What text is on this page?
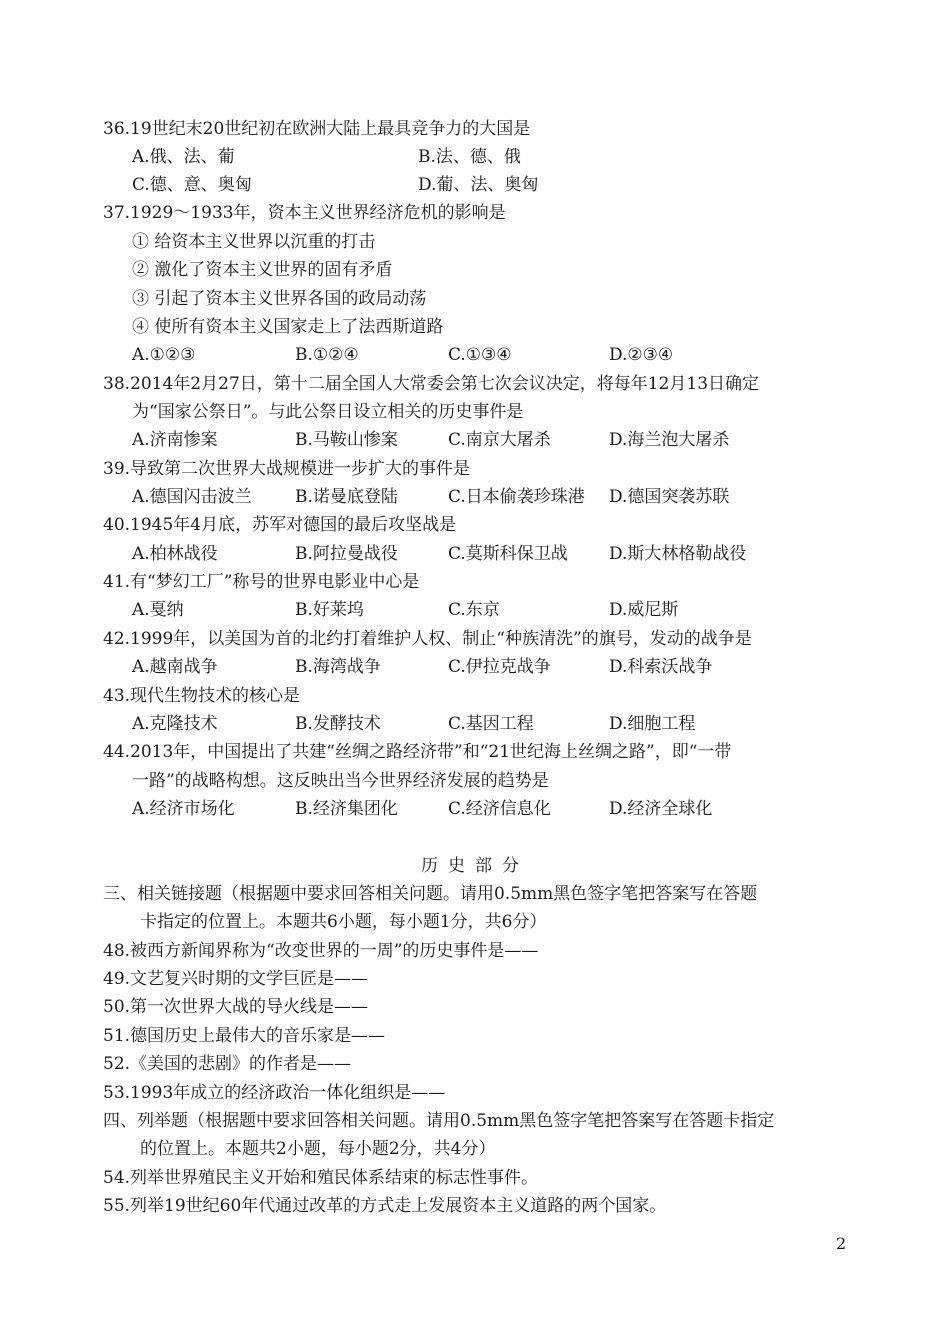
36.19世纪末20世纪初在欧洲大陆上最具竞争力的大国是
A.俄、法、葡	B.法、德、俄
C.德、意、奥匈	D.葡、法、奥匈
37.1929～1933年，资本主义世界经济危机的影响是
① 给资本主义世界以沉重的打击
② 激化了资本主义世界的固有矛盾
③ 引起了资本主义世界各国的政局动荡
④ 使所有资本主义国家走上了法西斯道路
A.①②③	B.①②④	C.①③④	D.②③④
38.2014年2月27日，第十二届全国人大常委会第七次会议决定，将每年12月13日确定
为“国家公祭日”。与此公祭日设立相关的历史事件是
A.济南惨案	B.马鞍山惨案	C.南京大屠杀	D.海兰泡大屠杀
39.导致第二次世界大战规模进一步扩大的事件是
A.德国闪击波兰	B.诺曼底登陆	C.日本偷袭珍珠港 D.德国突袭苏联
40.1945年4月底，苏军对德国的最后攻坚战是
A.柏林战役	B.阿拉曼战役	C.莫斯科保卫战 D.斯大林格勒战役
41.有“梦幻工厂”称号的世界电影业中心是
A.戛纳	B.好莱坞	C.东京	D.威尼斯
42.1999年，以美国为首的北约打着维护人权、制止“种族清洗”的旗号，发动的战争是
A.越南战争	B.海湾战争	C.伊拉克战争	D.科索沃战争
43.现代生物技术的核心是
A.克隆技术	B.发酵技术	C.基因工程	D.细胞工程
44.2013年，中国提出了共建“丝绸之路经济带”和“21世纪海上丝绸之路”，即“一带
一路”的战略构想。这反映出当今世界经济发展的趋势是
A.经济市场化	B.经济集团化	C.经济信息化	D.经济全球化
历史部分
三、相关链接题（根据题中要求回答相关问题。请用0.5mm黑色签字笔把答案写在答题
卡指定的位置上。本题共6小题，每小题1分，共6分）
48.被西方新闻界称为“改变世界的一周”的历史事件是——
49.文艺复兴时期的文学巨匠是——
50.第一次世界大战的导火线是——
51.德国历史上最伟大的音乐家是——
52.《美国的悲剧》的作者是——
53.1993年成立的经济政治一体化组织是——
四、列举题（根据题中要求回答相关问题。请用0.5mm黑色签字笔把答案写在答题卡指定
的位置上。本题共2小题，每小题2分，共4分）
54.列举世界殖民主义开始和殖民体系结束的标志性事件。
55.列举19世纪60年代通过改革的方式走上发展资本主义道路的两个国家。
2
